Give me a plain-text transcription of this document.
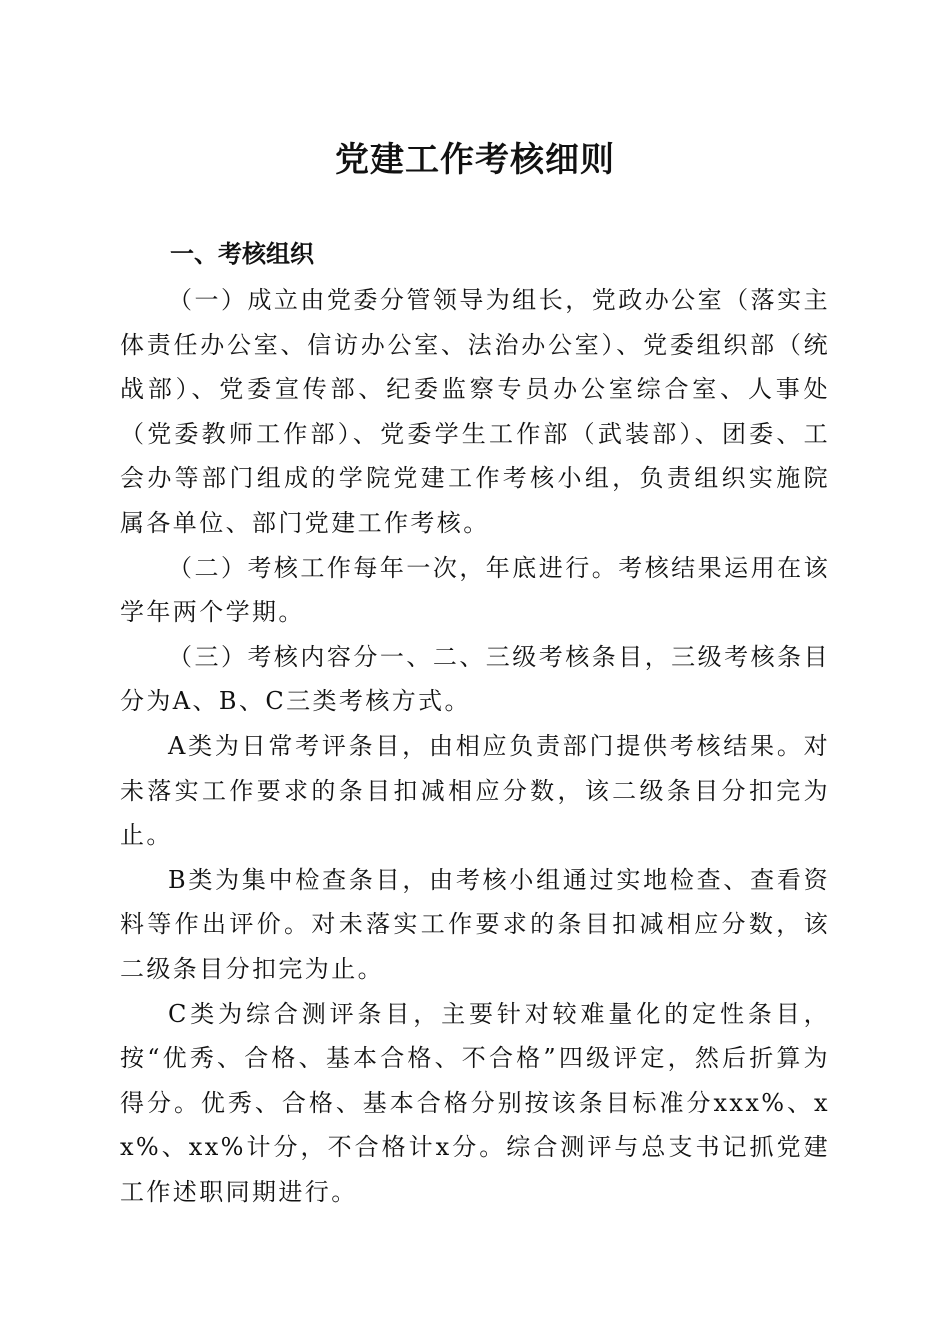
党建工作考核细则
一、考核组织

（一）成立由党委分管领导为组长，党政办公室（落实主体责任办公室、信访办公室、法治办公室）、党委组织部（统战部）、党委宣传部、纪委监察专员办公室综合室、人事处（党委教师工作部）、党委学生工作部（武装部）、团委、工会办等部门组成的学院党建工作考核小组，负责组织实施院属各单位、部门党建工作考核。

（二）考核工作每年一次，年底进行。考核结果运用在该学年两个学期。

（三）考核内容分一、二、三级考核条目，三级考核条目分为A、B、C三类考核方式。

A类为日常考评条目，由相应负责部门提供考核结果。对未落实工作要求的条目扣减相应分数，该二级条目分扣完为止。

B类为集中检查条目，由考核小组通过实地检查、查看资料等作出评价。对未落实工作要求的条目扣减相应分数，该二级条目分扣完为止。

C类为综合测评条目，主要针对较难量化的定性条目，按“优秀、合格、基本合格、不合格”四级评定，然后折算为得分。优秀、合格、基本合格分别按该条目标准分xxx%、xx%、xx%计分，不合格计x分。综合测评与总支书记抓党建工作述职同期进行。
